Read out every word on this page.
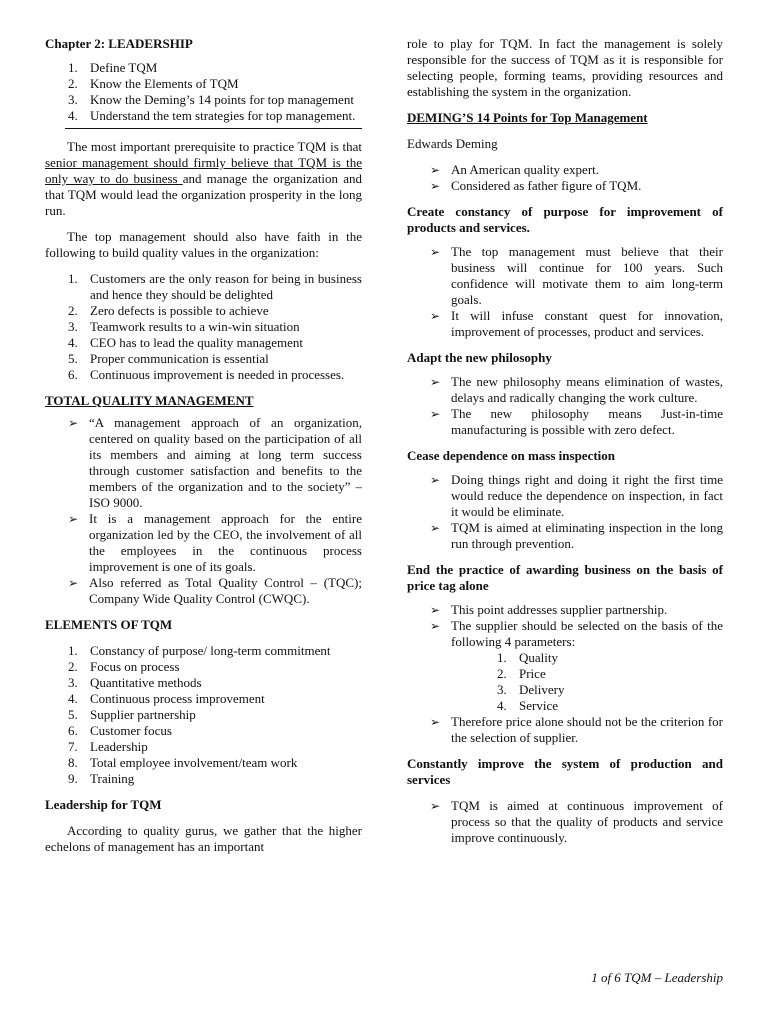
Chapter 2: LEADERSHIP

1. Define TQM
2. Know the Elements of TQM
3. Know the Deming’s 14 points for top management
4. Understand the tem strategies for top management.

The most important prerequisite to practice TQM is that senior management should firmly believe that TQM is the only way to do business and manage the organization and that TQM would lead the organization prosperity in the long run.

The top management should also have faith in the following to build quality values in the organization:

1. Customers are the only reason for being in business and hence they should be delighted
2. Zero defects is possible to achieve
3. Teamwork results to a win-win situation
4. CEO has to lead the quality management
5. Proper communication is essential
6. Continuous improvement is needed in processes.

TOTAL QUALITY MANAGEMENT

➢ “A management approach of an organization, centered on quality based on the participation of all its members and aiming at long term success through customer satisfaction and benefits to the members of the organization and to the society” – ISO 9000.
➢ It is a management approach for the entire organization led by the CEO, the involvement of all the employees in the continuous process improvement is one of its goals.
➢ Also referred as Total Quality Control – (TQC); Company Wide Quality Control (CWQC).

ELEMENTS OF TQM

1. Constancy of purpose/ long-term commitment
2. Focus on process
3. Quantitative methods
4. Continuous process improvement
5. Supplier partnership
6. Customer focus
7. Leadership
8. Total employee involvement/team work
9. Training

Leadership for TQM

According to quality gurus, we gather that the higher echelons of management has an important

role to play for TQM. In fact the management is solely responsible for the success of TQM as it is responsible for selecting people, forming teams, providing resources and establishing the system in the organization.

DEMING’S 14 Points for Top Management

Edwards Deming

➢ An American quality expert.
➢ Considered as father figure of TQM.

Create constancy of purpose for improvement of products and services.

➢ The top management must believe that their business will continue for 100 years. Such confidence will motivate them to aim long-term goals.
➢ It will infuse constant quest for innovation, improvement of processes, product and services.

Adapt the new philosophy

➢ The new philosophy means elimination of wastes, delays and radically changing the work culture.
➢ The new philosophy means Just-in-time manufacturing is possible with zero defect.

Cease dependence on mass inspection

➢ Doing things right and doing it right the first time would reduce the dependence on inspection, in fact it would be eliminate.
➢ TQM is aimed at eliminating inspection in the long run through prevention.

End the practice of awarding business on the basis of price tag alone

➢ This point addresses supplier partnership.
➢ The supplier should be selected on the basis of the following 4 parameters:
1. Quality
2. Price
3. Delivery
4. Service
➢ Therefore price alone should not be the criterion for the selection of supplier.

Constantly improve the system of production and services

➢ TQM is aimed at continuous improvement of process so that the quality of products and service improve continuously.
1 of 6 TQM – Leadership
